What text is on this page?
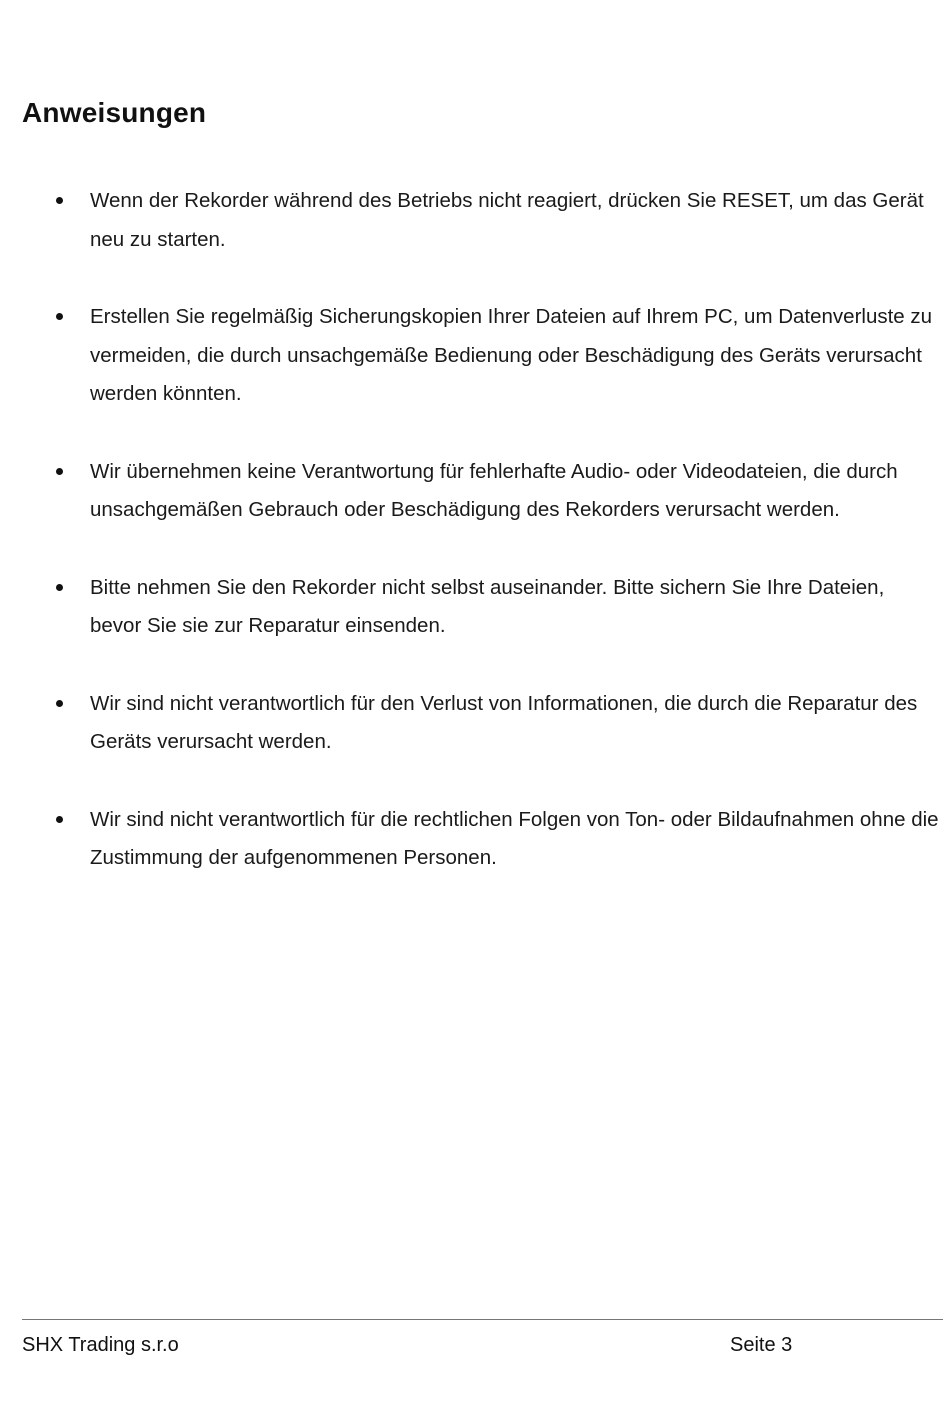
Anweisungen
Wenn der Rekorder während des Betriebs nicht reagiert, drücken Sie RESET, um das Gerät neu zu starten.
Erstellen Sie regelmäßig Sicherungskopien Ihrer Dateien auf Ihrem PC, um Datenverluste zu vermeiden, die durch unsachgemäße Bedienung oder Beschädigung des Geräts verursacht werden könnten.
Wir übernehmen keine Verantwortung für fehlerhafte Audio- oder Videodateien, die durch unsachgemäßen Gebrauch oder Beschädigung des Rekorders verursacht werden.
Bitte nehmen Sie den Rekorder nicht selbst auseinander. Bitte sichern Sie Ihre Dateien, bevor Sie sie zur Reparatur einsenden.
Wir sind nicht verantwortlich für den Verlust von Informationen, die durch die Reparatur des Geräts verursacht werden.
Wir sind nicht verantwortlich für die rechtlichen Folgen von Ton- oder Bildaufnahmen ohne die Zustimmung der aufgenommenen Personen.
SHX Trading s.r.o	Seite 3
